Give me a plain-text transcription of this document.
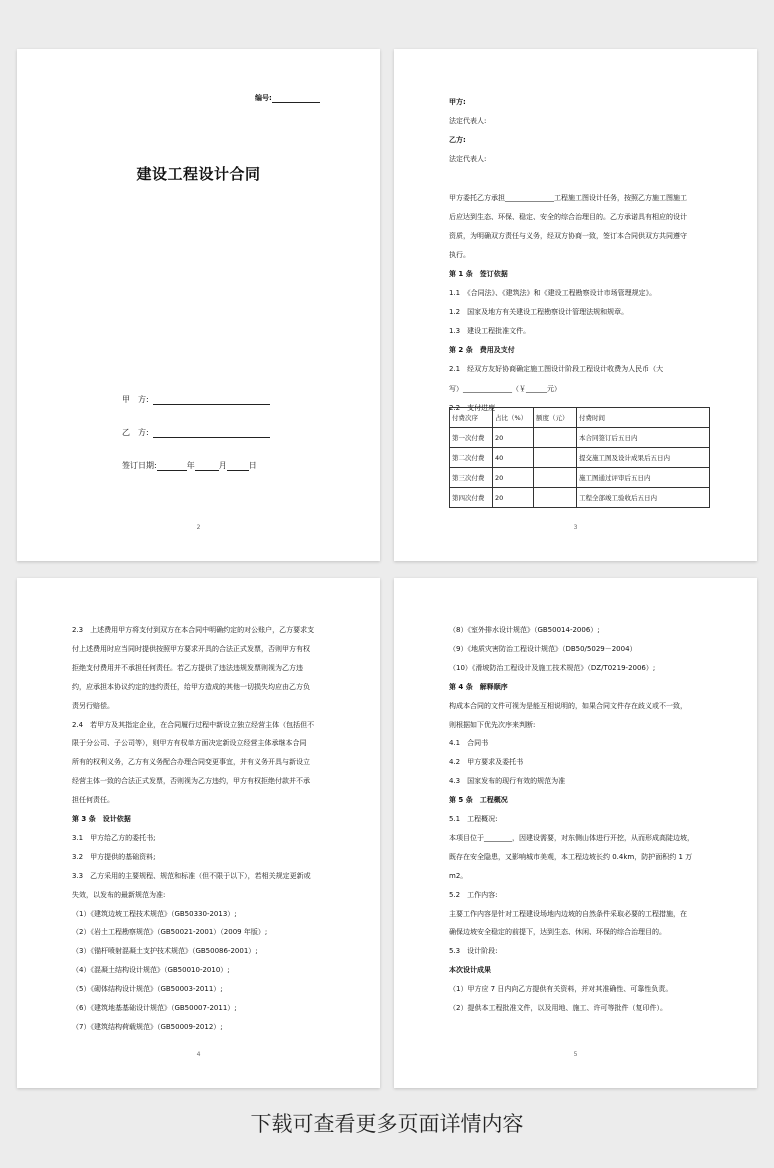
编号:
建设工程设计合同
甲　方:
乙　方:
签订日期:	年	月	日
2
甲方:
法定代表人:
乙方:
法定代表人:
甲方委托乙方承担______________工程施工图设计任务，按照乙方施工图施工
后应达到生态、环保、稳定、安全的综合治理目的。乙方承诺具有相应的设计
资质，为明确双方责任与义务，经双方协商一致，签订本合同供双方共同遵守
执行。
第 1 条　签订依据
1.1　《合同法》、《建筑法》和《建设工程勘察设计市场管理规定》。
1.2　国家及地方有关建设工程勘察设计管理法规和规章。
1.3　建设工程批准文件。
第 2 条　费用及支付
2.1　经双方友好协商确定施工图设计阶段工程设计收费为人民币（大
写）______________（￥______元）
2.2　支付进度
付费次序	占比（%）	额度（元）	付费时间
第一次付费	20		本合同签订后五日内
第二次付费	40		提交施工图及设计成果后五日内
第三次付费	20		施工图通过评审后五日内
第四次付费	20		工程全部竣工验收后五日内
3
2.3　上述费用甲方将支付到双方在本合同中明确约定的对公账户，乙方要求支
付上述费用时应当同时提供按照甲方要求开具的合法正式发票，否则甲方有权
拒绝支付费用并不承担任何责任。若乙方提供了违法违规发票则视为乙方违
约，应承担本协议约定的违约责任，给甲方造成的其他一切损失均应由乙方负
责另行赔偿。
2.4　若甲方及其指定企业，在合同履行过程中新设立独立经营主体（包括但不
限于分公司、子公司等），则甲方有权单方面决定新设立经营主体承继本合同
所有的权利义务，乙方有义务配合办理合同变更事宜，并有义务开具与新设立
经营主体一致的合法正式发票，否则视为乙方违约，甲方有权拒绝付款并不承
担任何责任。
第 3 条　设计依据
3.1　甲方给乙方的委托书;
3.2　甲方提供的基础资料;
3.3　乙方采用的主要规程、规范和标准（但不限于以下），若相关规定更新或
失效，以发布的最新规范为准:
（1）《建筑边坡工程技术规范》（GB50330-2013）;
（2）《岩土工程勘察规范》（GB50021-2001）（2009 年版）;
（3）《锚杆喷射混凝土支护技术规范》（GB50086-2001）;
（4）《混凝土结构设计规范》（GB50010-2010）;
（5）《砌体结构设计规范》（GB50003-2011）;
（6）《建筑地基基础设计规范》（GB50007-2011）;
（7）《建筑结构荷载规范》（GB50009-2012）;
4
（8）《室外排水设计规范》（GB50014-2006）;
（9）《地质灾害防治工程设计规范》（DB50/5029－2004）
（10）《滑坡防治工程设计及施工技术规范》（DZ/T0219-2006）;
第 4 条　解释顺序
构成本合同的文件可视为是能互相说明的，如果合同文件存在歧义或不一致，
则根据如下优先次序来判断:
4.1　合同书
4.2　甲方要求及委托书
4.3　国家发布的现行有效的规范为准
第 5 条　工程概况
5.1　工程概况:
本项目位于________，因建设需要，对东侧山体进行开挖，从而形成高陡边坡，
既存在安全隐患，又影响城市美观，本工程边坡长约 0.4km，防护面积约 1 万
m2。
5.2　工作内容:
主要工作内容是针对工程建设场地内边坡的自然条件采取必要的工程措施，在
确保边坡安全稳定的前提下，达到生态、休闲、环保的综合治理目的。
5.3　设计阶段:
本次设计成果
（1）甲方应 7 日内向乙方提供有关资料，并对其准确性、可靠性负责。
（2）提供本工程批准文件，以及用地、施工、许可等批件（复印件）。
5
下载可查看更多页面详情内容
